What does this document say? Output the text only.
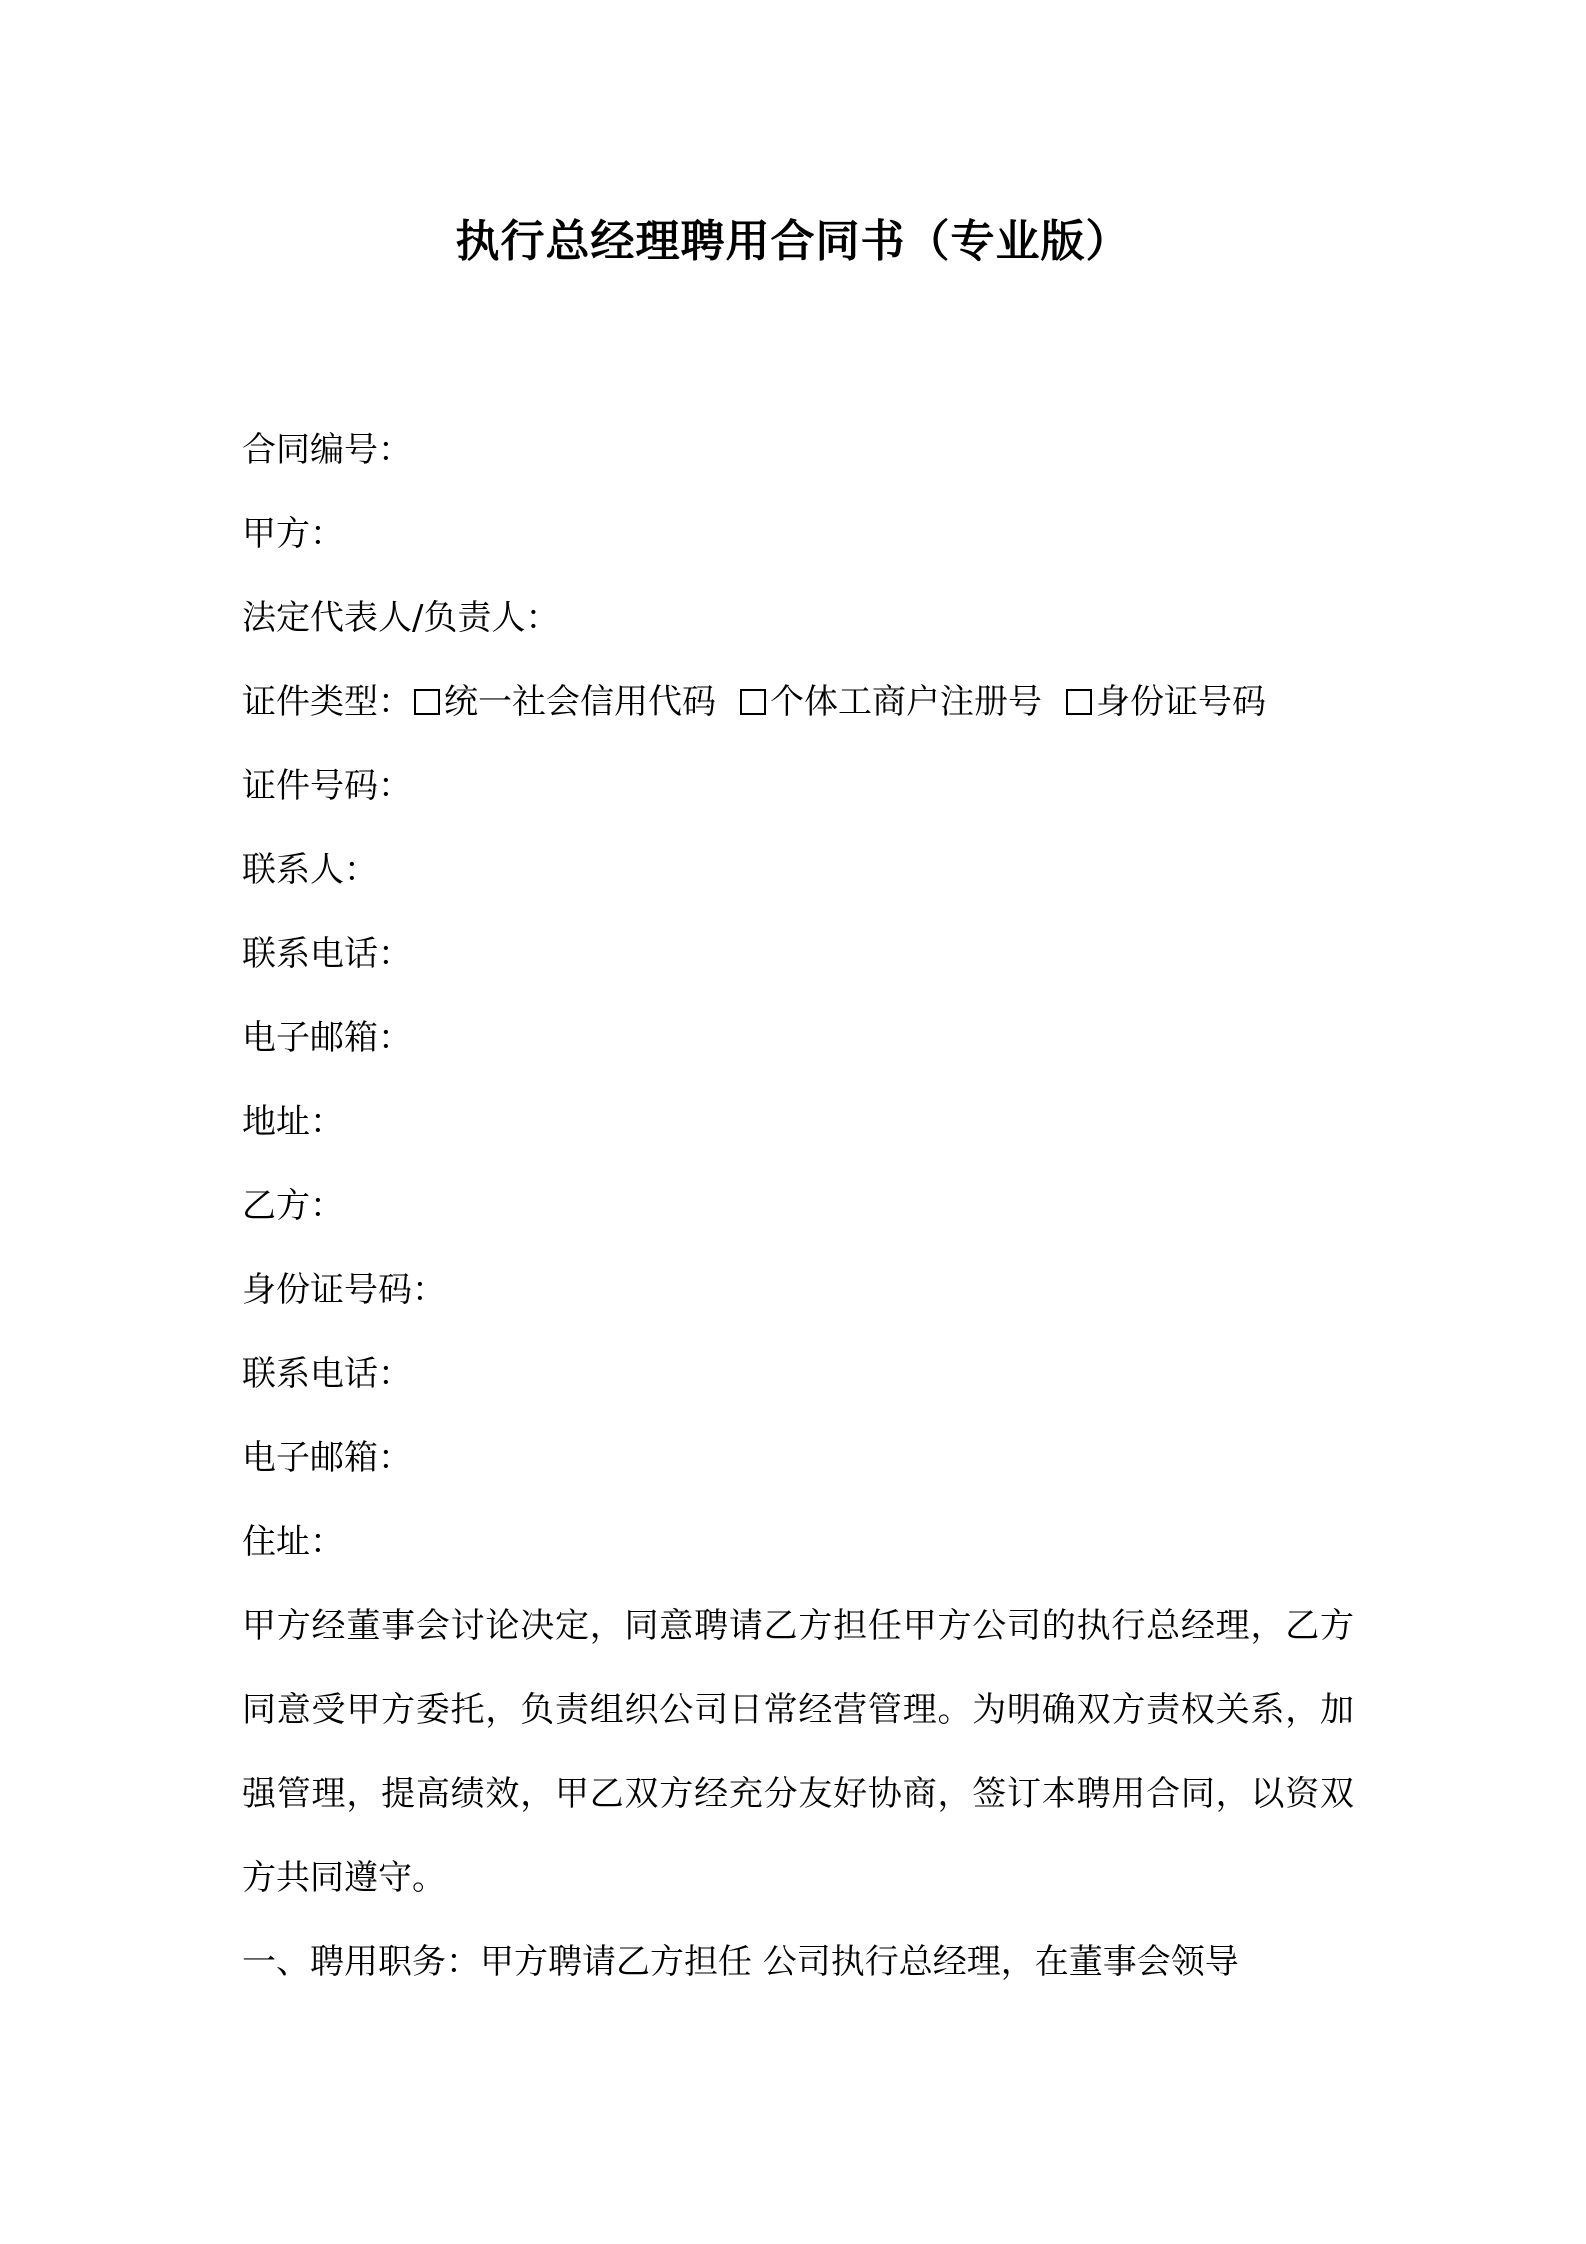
执行总经理聘用合同书（专业版）
合同编号：
甲方：
法定代表人/负责人：
证件类型： 统一社会信用代码 个体工商户注册号 身份证号码
证件号码：
联系人：
联系电话：
电子邮箱：
地址：
乙方：
身份证号码：
联系电话：
电子邮箱：
住址：
甲方经董事会讨论决定，同意聘请乙方担任甲方公司的执行总经理，乙方同意受甲方委托，负责组织公司日常经营管理。为明确双方责权关系，加强管理，提高绩效，甲乙双方经充分友好协商，签订本聘用合同，以资双方共同遵守。
一、聘用职务：甲方聘请乙方担任 公司执行总经理，在董事会领导
